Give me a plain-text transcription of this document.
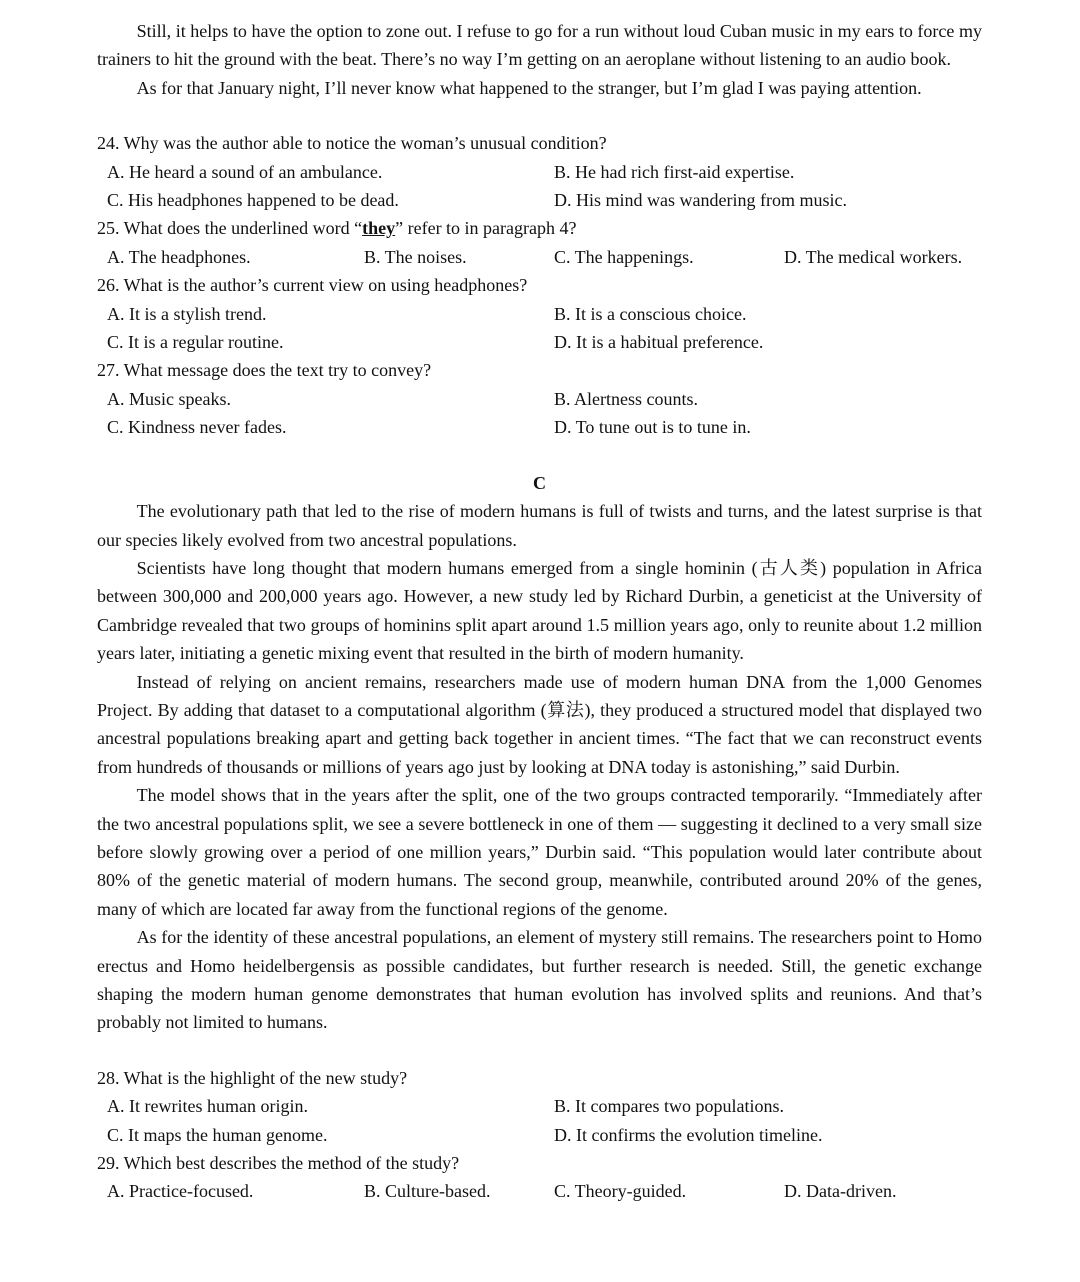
Still, it helps to have the option to zone out. I refuse to go for a run without loud Cuban music in my ears to force my trainers to hit the ground with the beat. There’s no way I’m getting on an aeroplane without listening to an audio book.

As for that January night, I’ll never know what happened to the stranger, but I’m glad I was paying attention.

24. Why was the author able to notice the woman’s unusual condition?

A. He heard a sound of an ambulance.	B. He had rich first-aid expertise.
C. His headphones happened to be dead.	D. His mind was wandering from music.

25. What does the underlined word “they” refer to in paragraph 4?

A. The headphones.	B. The noises.	C. The happenings.	D. The medical workers.

26. What is the author’s current view on using headphones?

A. It is a stylish trend.	B. It is a conscious choice.
C. It is a regular routine.	D. It is a habitual preference.

27. What message does the text try to convey?

A. Music speaks.	B. Alertness counts.
C. Kindness never fades.	D. To tune out is to tune in.

C

The evolutionary path that led to the rise of modern humans is full of twists and turns, and the latest surprise is that our species likely evolved from two ancestral populations.

Scientists have long thought that modern humans emerged from a single hominin (古人类) population in Africa between 300,000 and 200,000 years ago. However, a new study led by Richard Durbin, a geneticist at the University of Cambridge revealed that two groups of hominins split apart around 1.5 million years ago, only to reunite about 1.2 million years later, initiating a genetic mixing event that resulted in the birth of modern humanity.

Instead of relying on ancient remains, researchers made use of modern human DNA from the 1,000 Genomes Project. By adding that dataset to a computational algorithm (算法), they produced a structured model that displayed two ancestral populations breaking apart and getting back together in ancient times. “The fact that we can reconstruct events from hundreds of thousands or millions of years ago just by looking at DNA today is astonishing,” said Durbin.

The model shows that in the years after the split, one of the two groups contracted temporarily. “Immediately after the two ancestral populations split, we see a severe bottleneck in one of them — suggesting it declined to a very small size before slowly growing over a period of one million years,” Durbin said. “This population would later contribute about 80% of the genetic material of modern humans. The second group, meanwhile, contributed around 20% of the genes, many of which are located far away from the functional regions of the genome.

As for the identity of these ancestral populations, an element of mystery still remains. The researchers point to Homo erectus and Homo heidelbergensis as possible candidates, but further research is needed. Still, the genetic exchange shaping the modern human genome demonstrates that human evolution has involved splits and reunions. And that’s probably not limited to humans.

28. What is the highlight of the new study?

A. It rewrites human origin.	B. It compares two populations.
C. It maps the human genome.	D. It confirms the evolution timeline.

29. Which best describes the method of the study?

A. Practice-focused.	B. Culture-based.	C. Theory-guided.	D. Data-driven.
